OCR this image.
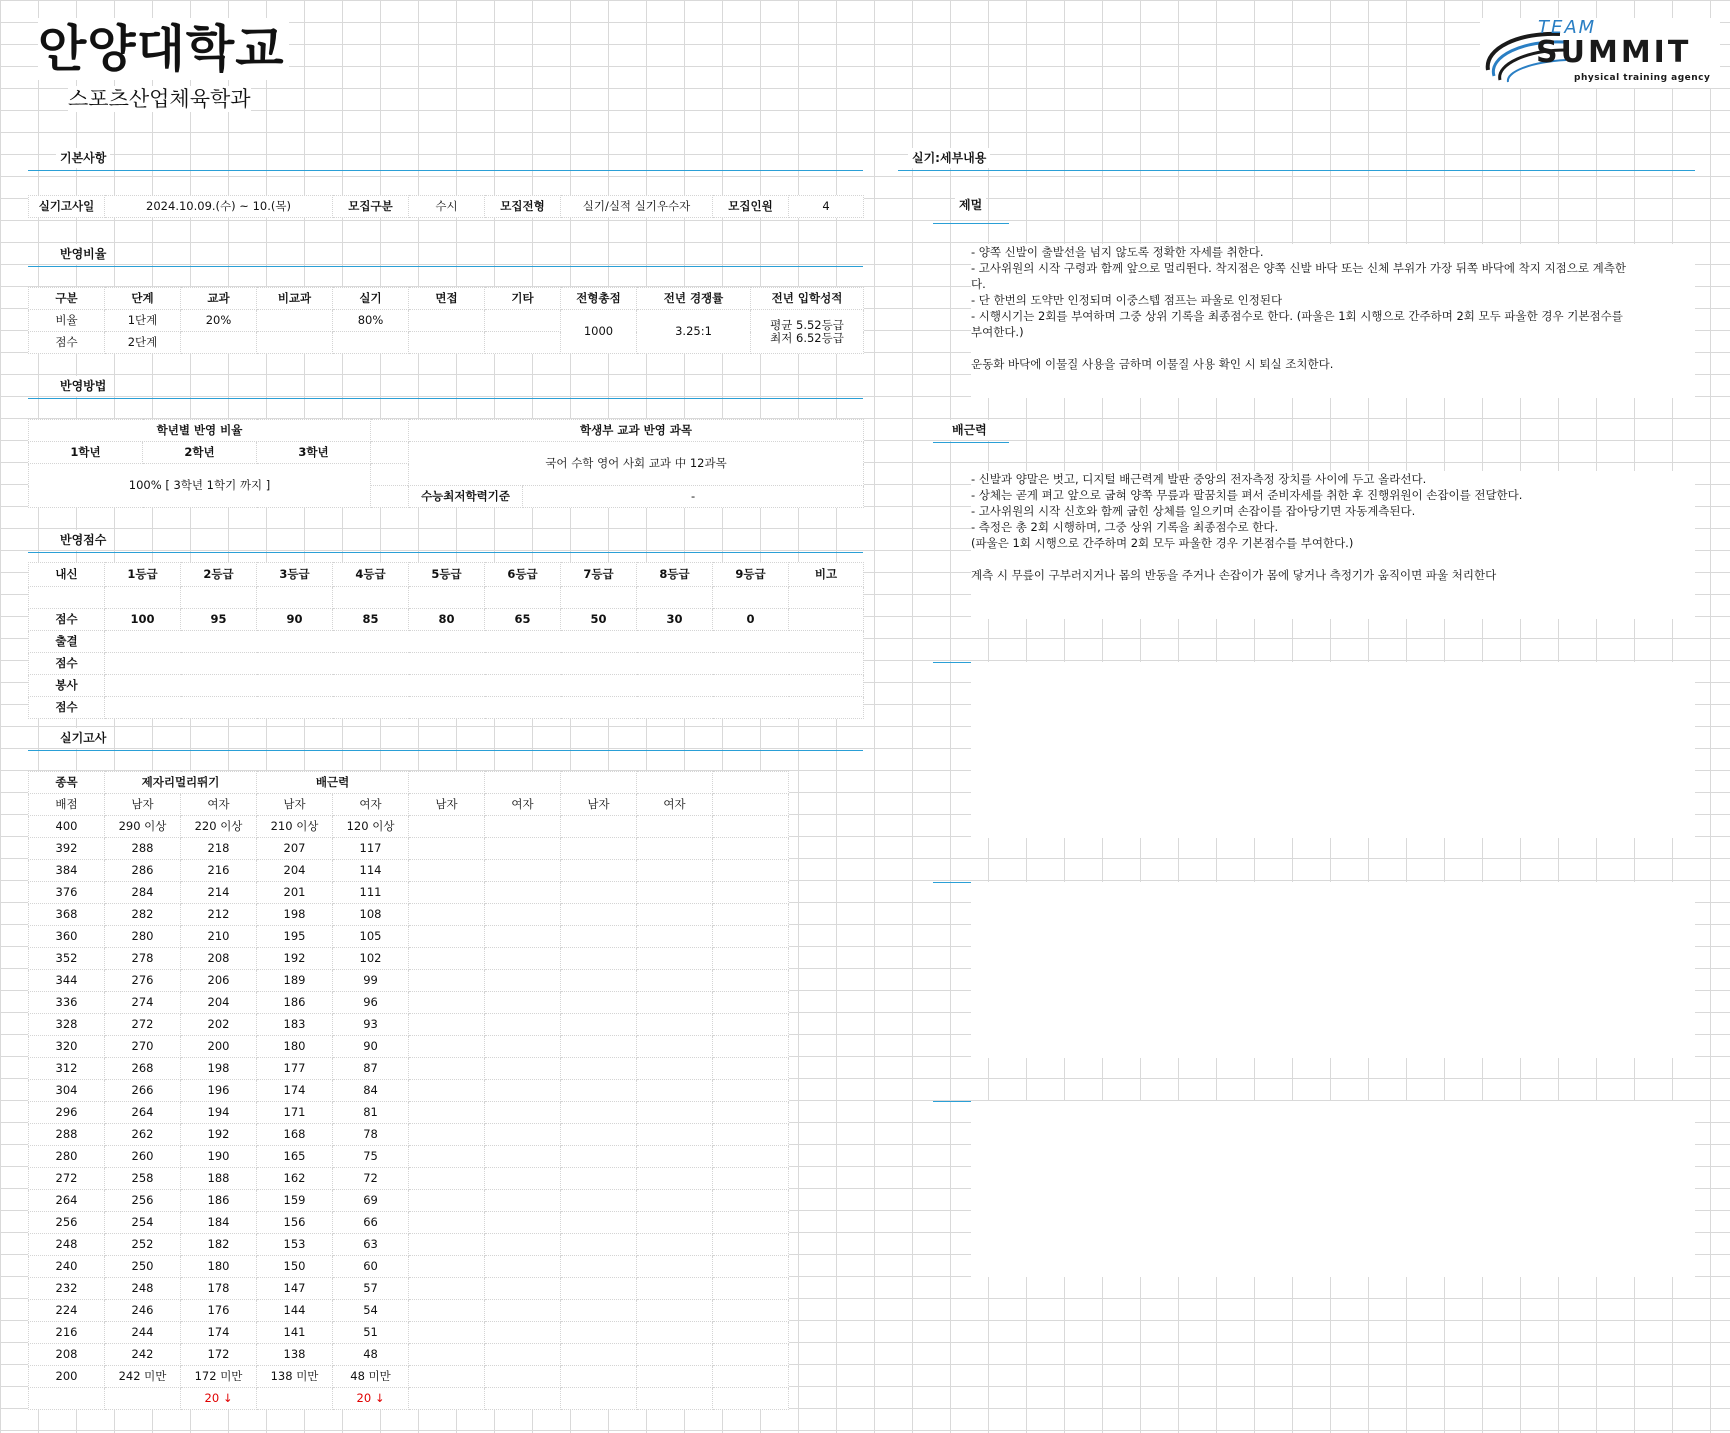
안양대학교
스포츠산업체육학과
TEAM
SUMMIT
physical training agency
기본사항
실기고사일	2024.10.09.(수) ~ 10.(목)	모집구분	수시	모집전형	실기/실적 실기우수자	모집인원	4
반영비율
구분	단계	교과	비교과	실기	면접	기타	전형총점	전년 경쟁률	전년 입학성적
비율	1단계	20%		80%			1000	3.25:1	평균 5.52등급
최저 6.52등급

점수	2단계								
반영방법
학년별 반영 비율				학생부 교과 반영 과목	
1학년	2학년	3학년		국어 수학 영어 사회 교과 中 12과목	
100% [ 3학년 1학기 까지 ]					
				수능최저학력기준	-
반영점수
내신	1등급	2등급	3등급	4등급	5등급	6등급	7등급	8등급	9등급	비고

점수	100	95	90	85	80	65	50	30	0	
출결										
점수										
봉사										
점수										
실기고사
종목	제자리멀리뛰기		배근력						
배점	남자	여자	남자	여자	남자	여자	남자	여자	
400	290 이상	220 이상	210 이상	120 이상					
392	288	218	207	117					
384	286	216	204	114					
376	284	214	201	111					
368	282	212	198	108					
360	280	210	195	105					
352	278	208	192	102					
344	276	206	189	99					
336	274	204	186	96					
328	272	202	183	93					
320	270	200	180	90					
312	268	198	177	87					
304	266	196	174	84					
296	264	194	171	81					
288	262	192	168	78					
280	260	190	165	75					
272	258	188	162	72					
264	256	186	159	69					
256	254	184	156	66					
248	252	182	153	63					
240	250	180	150	60					
232	248	178	147	57					
224	246	176	144	54					
216	244	174	141	51					
208	242	172	138	48					
200	242 미만	172 미만	138 미만	48 미만					
		20 ↓		20 ↓					
실기:세부내용
제멀
- 양쪽 신발이 출발선을 넘지 않도록 정확한 자세를 취한다.
- 고사위원의 시작 구령과 함께 앞으로 멀리뛴다. 착지점은 양쪽 신발 바닥 또는 신체 부위가 가장 뒤쪽 바닥에 착지 지점으로 계측한
다.
- 단 한번의 도약만 인정되며 이중스텝 점프는 파울로 인정된다
- 시행시기는 2회를 부여하며 그중 상위 기록을 최종점수로 한다. (파울은 1회 시행으로 간주하며 2회 모두 파울한 경우 기본점수를
부여한다.)
운동화 바닥에 이물질 사용을 금하며 이물질 사용 확인 시 퇴실 조치한다.
배근력
- 신발과 양말은 벗고, 디지털 배근력계 발판 중앙의 전자측정 장치를 사이에 두고 올라선다.
- 상체는 곧게 펴고 앞으로 굽혀 양쪽 무릎과 팔꿈치를 펴서 준비자세를 취한 후 진행위원이 손잡이를 전달한다.
- 고사위원의 시작 신호와 함께 굽힌 상체를 일으키며 손잡이를 잡아당기면 자동계측된다.
- 측정은 총 2회 시행하며, 그중 상위 기록을 최종점수로 한다.
(파울은 1회 시행으로 간주하며 2회 모두 파울한 경우 기본점수를 부여한다.)
계측 시 무릎이 구부러지거나 몸의 반동을 주거나 손잡이가 몸에 닿거나 측정기가 움직이면 파울 처리한다
